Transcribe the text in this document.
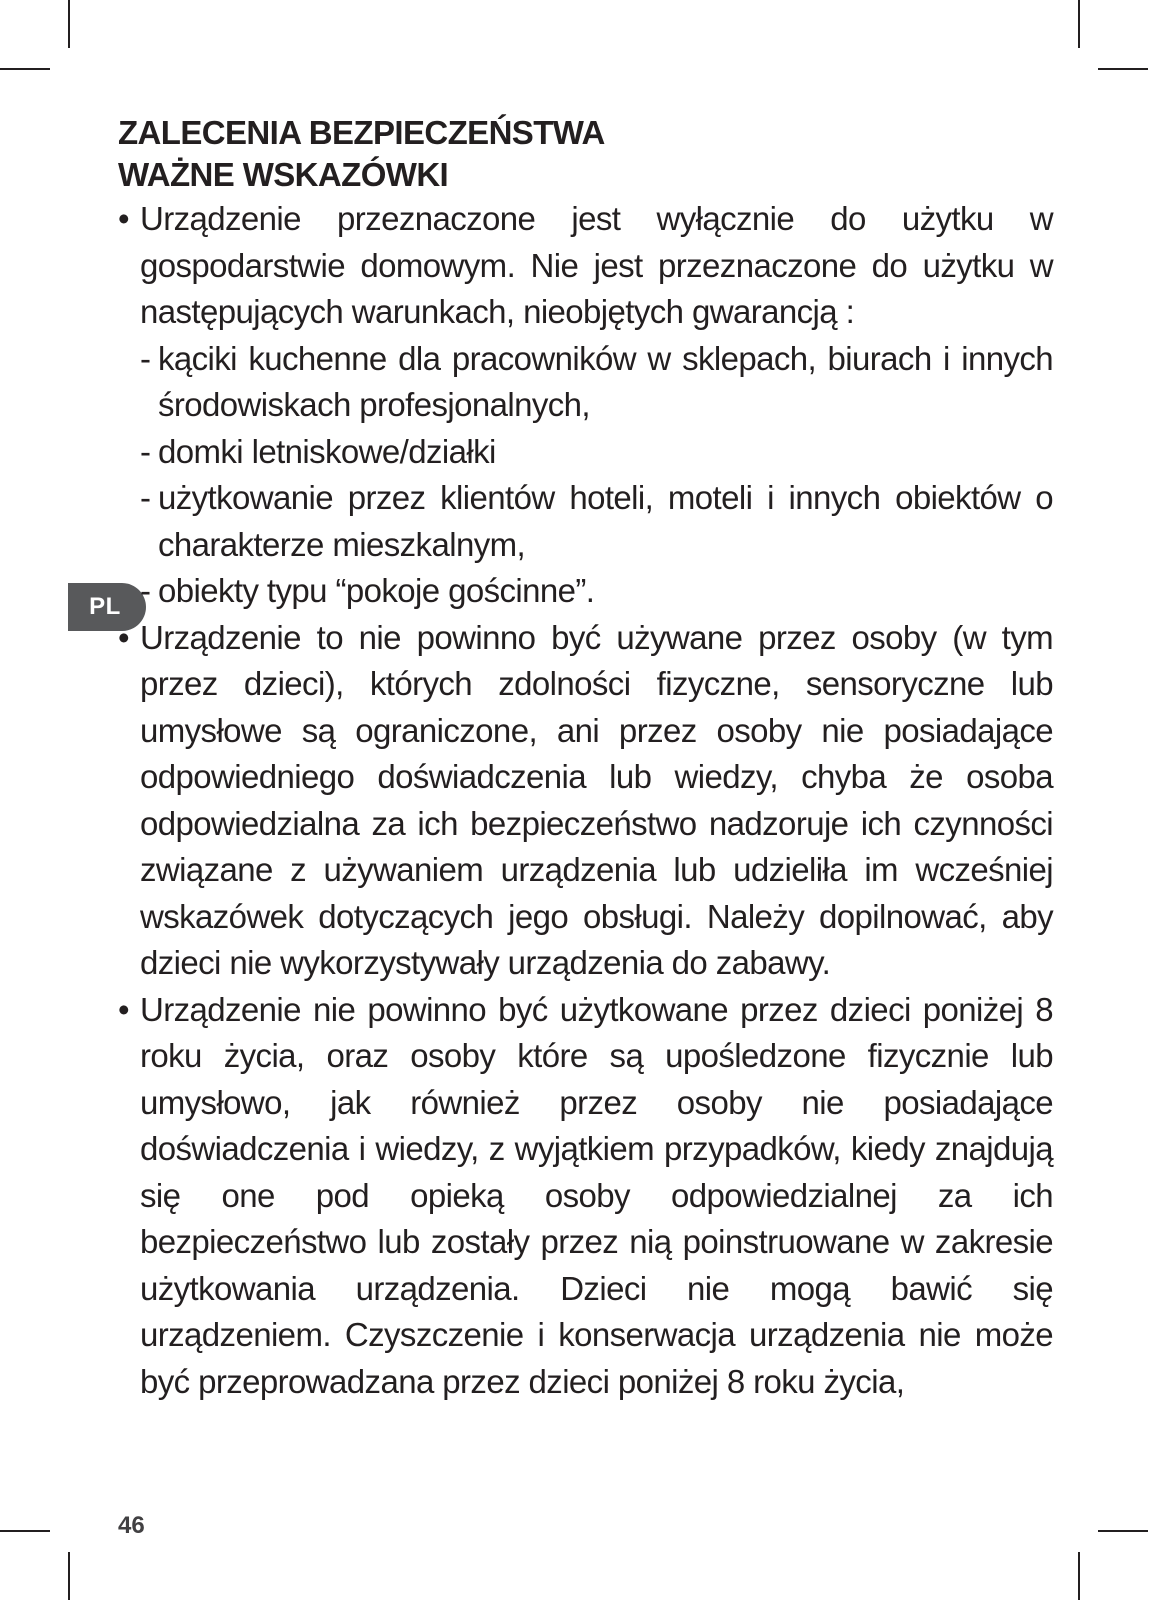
PL
ZALECENIA BEZPIECZEŃSTWA
WAŻNE WSKAZÓWKI
• Urządzenie przeznaczone jest wyłącznie do użytku w gospodarstwie domowym. Nie jest przeznaczone do użytku w następujących warunkach, nieobjętych gwarancją :
- kąciki kuchenne dla pracowników w sklepach, biurach i innych środowiskach profesjonalnych,
- domki letniskowe/działki
- użytkowanie przez klientów hoteli, moteli i innych obiektów o charakterze mieszkalnym,
- obiekty typu “pokoje gościnne”.
• Urządzenie to nie powinno być używane przez osoby (w tym przez dzieci), których zdolności fizyczne, sensoryczne lub umysłowe są ograniczone, ani przez osoby nie posiadające odpowiedniego doświadczenia lub wiedzy, chyba że osoba odpowiedzialna za ich bezpieczeństwo nadzoruje ich czynności związane z używaniem urządzenia lub udzieliła im wcześniej wskazówek dotyczących jego obsługi. Należy dopilnować, aby dzieci nie wykorzystywały urządzenia do zabawy.
• Urządzenie nie powinno być użytkowane przez dzieci poniżej 8 roku życia, oraz osoby które są upośledzone fizycznie lub umysłowo, jak również przez osoby nie posiadające doświadczenia i wiedzy, z wyjątkiem przypadków, kiedy znajdują się one pod opieką osoby odpowiedzialnej za ich bezpieczeństwo lub zostały przez nią poinstruowane w zakresie użytkowania urządzenia. Dzieci nie mogą bawić się urządzeniem. Czyszczenie i konserwacja urządzenia nie może być przeprowadzana przez dzieci poniżej 8 roku życia,
46
